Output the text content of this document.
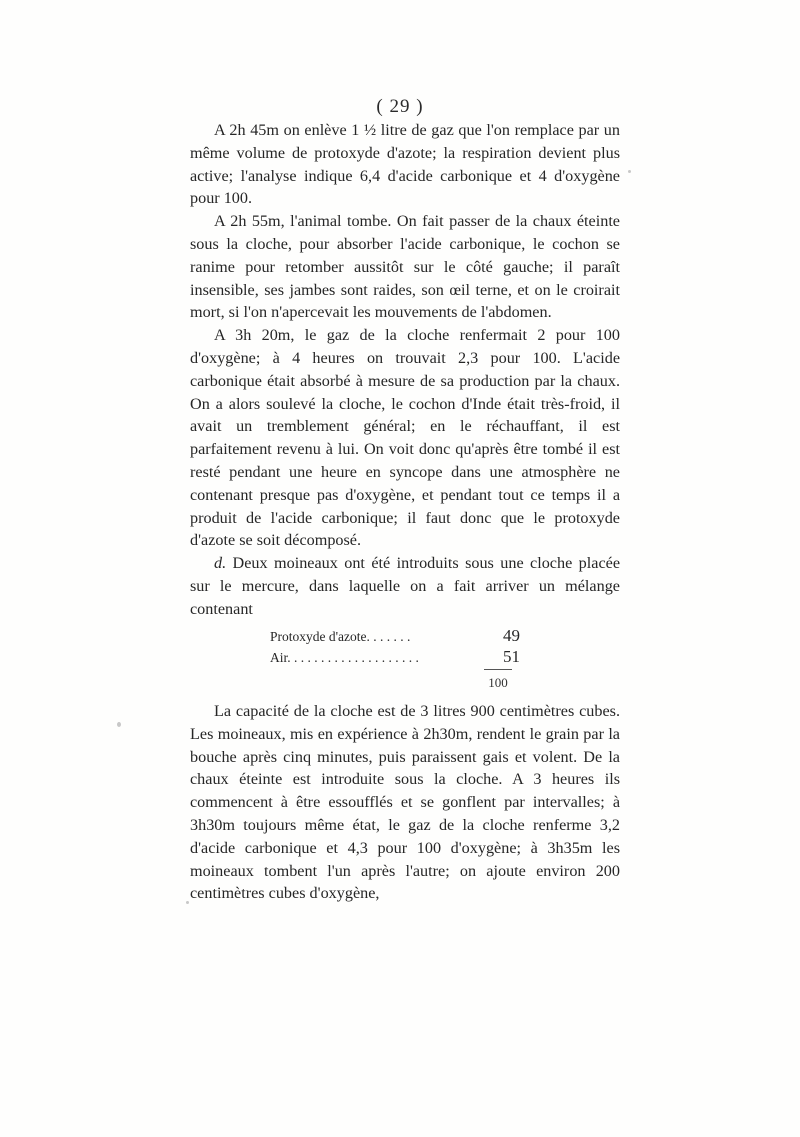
( 29 )

A 2h 45m on enlève 1 ½ litre de gaz que l'on remplace par un même volume de protoxyde d'azote; la respiration devient plus active; l'analyse indique 6,4 d'acide carbonique et 4 d'oxygène pour 100.

A 2h 55m, l'animal tombe. On fait passer de la chaux éteinte sous la cloche, pour absorber l'acide carbonique, le cochon se ranime pour retomber aussitôt sur le côté gauche; il paraît insensible, ses jambes sont raides, son œil terne, et on le croirait mort, si l'on n'apercevait les mouvements de l'abdomen.

A 3h 20m, le gaz de la cloche renfermait 2 pour 100 d'oxygène; à 4 heures on trouvait 2,3 pour 100. L'acide carbonique était absorbé à mesure de sa production par la chaux. On a alors soulevé la cloche, le cochon d'Inde était très-froid, il avait un tremblement général; en le réchauffant, il est parfaitement revenu à lui. On voit donc qu'après être tombé il est resté pendant une heure en syncope dans une atmosphère ne contenant presque pas d'oxygène, et pendant tout ce temps il a produit de l'acide carbonique; il faut donc que le protoxyde d'azote se soit décomposé.

d. Deux moineaux ont été introduits sous une cloche placée sur le mercure, dans laquelle on a fait arriver un mélange contenant

Protoxyde d'azote. . . . . . .	49
Air. . . . . . . . . . . . . . . . . . . .	51
100

La capacité de la cloche est de 3 litres 900 centimètres cubes. Les moineaux, mis en expérience à 2h30m, rendent le grain par la bouche après cinq minutes, puis paraissent gais et volent. De la chaux éteinte est introduite sous la cloche. A 3 heures ils commencent à être essoufflés et se gonflent par intervalles; à 3h30m toujours même état, le gaz de la cloche renferme 3,2 d'acide carbonique et 4,3 pour 100 d'oxygène; à 3h35m les moineaux tombent l'un après l'autre; on ajoute environ 200 centimètres cubes d'oxygène,
